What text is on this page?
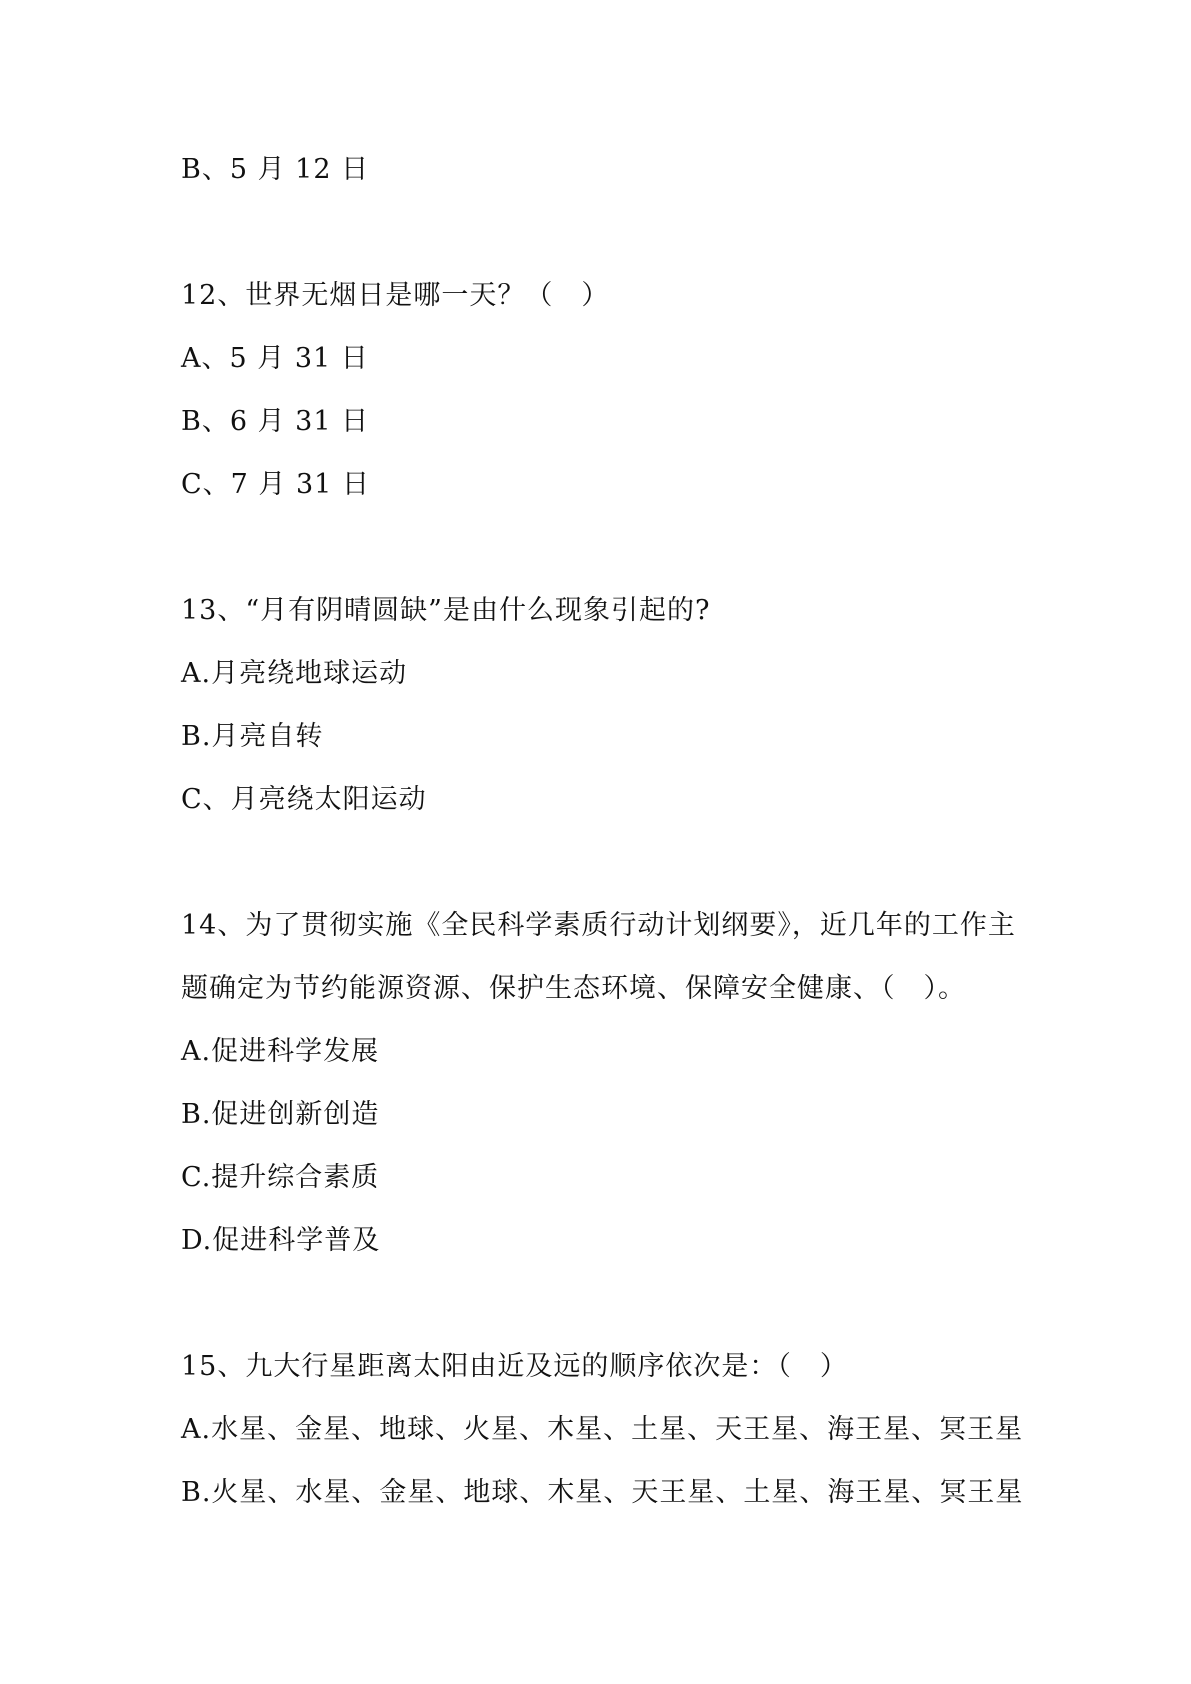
B、5 月 12 日
12、世界无烟日是哪一天？（　）
A、5 月 31 日
B、6 月 31 日
C、7 月 31 日
13、“月有阴晴圆缺”是由什么现象引起的?
A.月亮绕地球运动
B.月亮自转
C、月亮绕太阳运动
14、为了贯彻实施《全民科学素质行动计划纲要》，近几年的工作主
题确定为节约能源资源、保护生态环境、保障安全健康、（　）。
A.促进科学发展
B.促进创新创造
C.提升综合素质
D.促进科学普及
15、九大行星距离太阳由近及远的顺序依次是：（　）
A.水星、金星、地球、火星、木星、土星、天王星、海王星、冥王星
B.火星、水星、金星、地球、木星、天王星、土星、海王星、冥王星
